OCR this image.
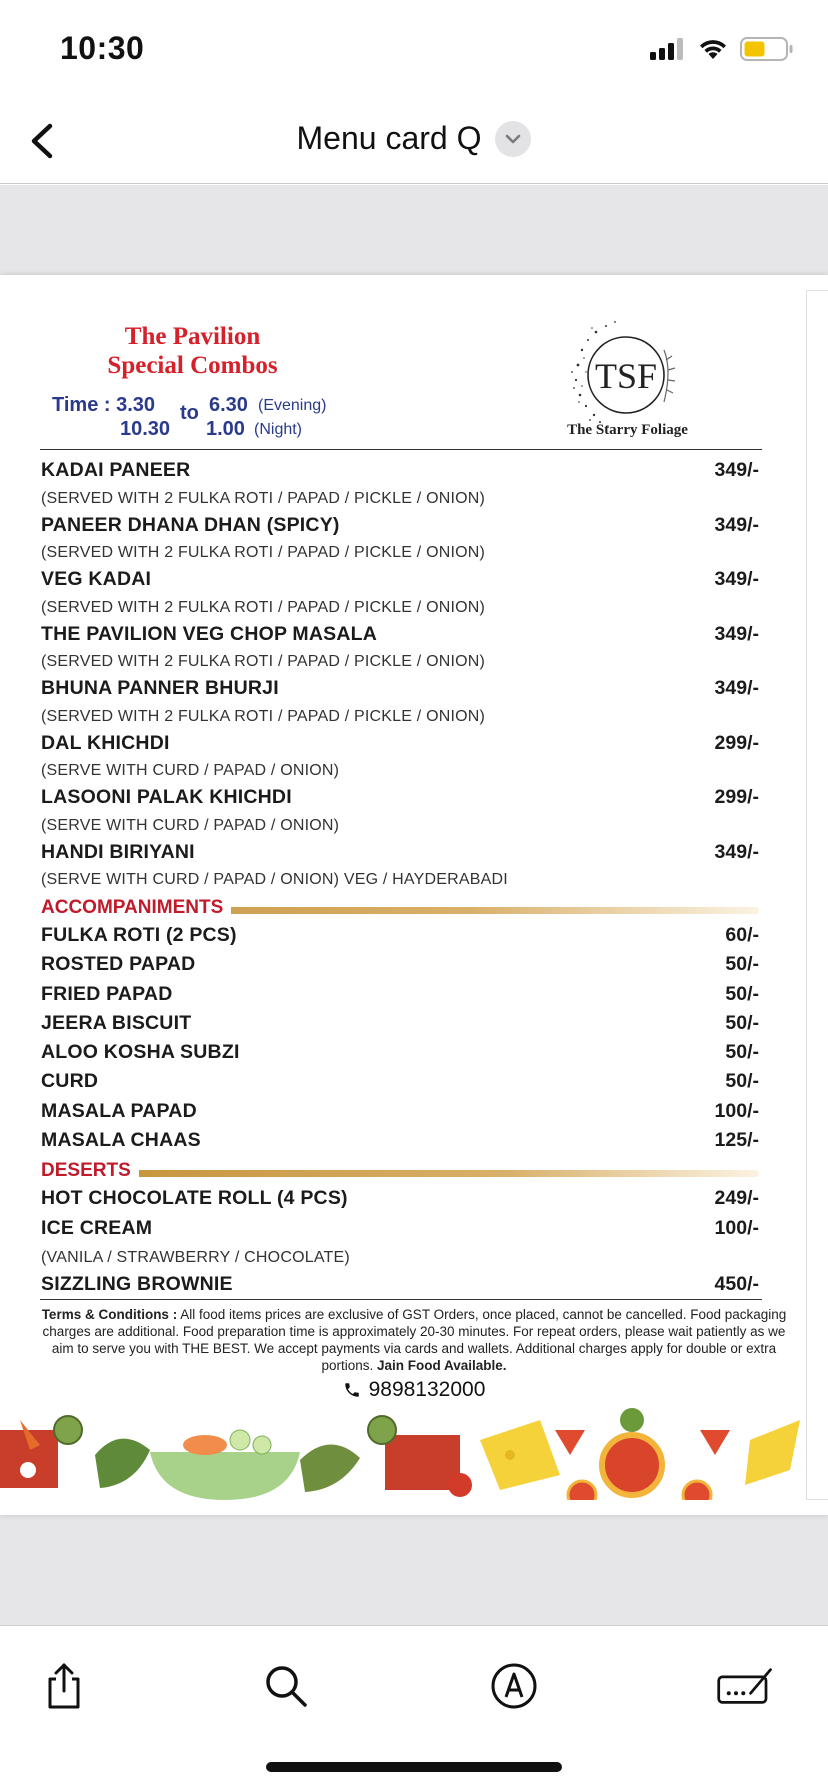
10:30
Menu card Q
The Pavilion
Special Combos
Time : 3.30 to 6.30 (Evening)
10.30 1.00 (Night)
TSF
The Starry Foliage
KADAI PANEER	349/-
(SERVED WITH 2 FULKA ROTI / PAPAD / PICKLE / ONION)
PANEER DHANA DHAN (SPICY)	349/-
(SERVED WITH 2 FULKA ROTI / PAPAD / PICKLE / ONION)
VEG KADAI	349/-
(SERVED WITH 2 FULKA ROTI / PAPAD / PICKLE / ONION)
THE PAVILION VEG CHOP MASALA	349/-
(SERVED WITH 2 FULKA ROTI / PAPAD / PICKLE / ONION)
BHUNA PANNER BHURJI	349/-
(SERVED WITH 2 FULKA ROTI / PAPAD / PICKLE / ONION)
DAL KHICHDI	299/-
(SERVE WITH CURD / PAPAD / ONION)
LASOONI PALAK KHICHDI	299/-
(SERVE WITH CURD / PAPAD / ONION)
HANDI BIRIYANI	349/-
(SERVE WITH CURD / PAPAD / ONION) VEG / HAYDERABADI
ACCOMPANIMENTS
FULKA ROTI (2 PCS)	60/-
ROSTED PAPAD	50/-
FRIED PAPAD	50/-
JEERA BISCUIT	50/-
ALOO KOSHA SUBZI	50/-
CURD	50/-
MASALA PAPAD	100/-
MASALA CHAAS	125/-
DESERTS
HOT CHOCOLATE ROLL (4 PCS)	249/-
ICE CREAM	100/-
(VANILA / STRAWBERRY / CHOCOLATE)
SIZZLING BROWNIE	450/-
Terms & Conditions : All food items prices are exclusive of GST Orders, once placed, cannot be cancelled. Food packaging charges are additional. Food preparation time is approximately 20-30 minutes. For repeat orders, please wait patiently as we aim to serve you with THE BEST. We accept payments via cards and wallets. Additional charges apply for double or extra portions. Jain Food Available.
9898132000
